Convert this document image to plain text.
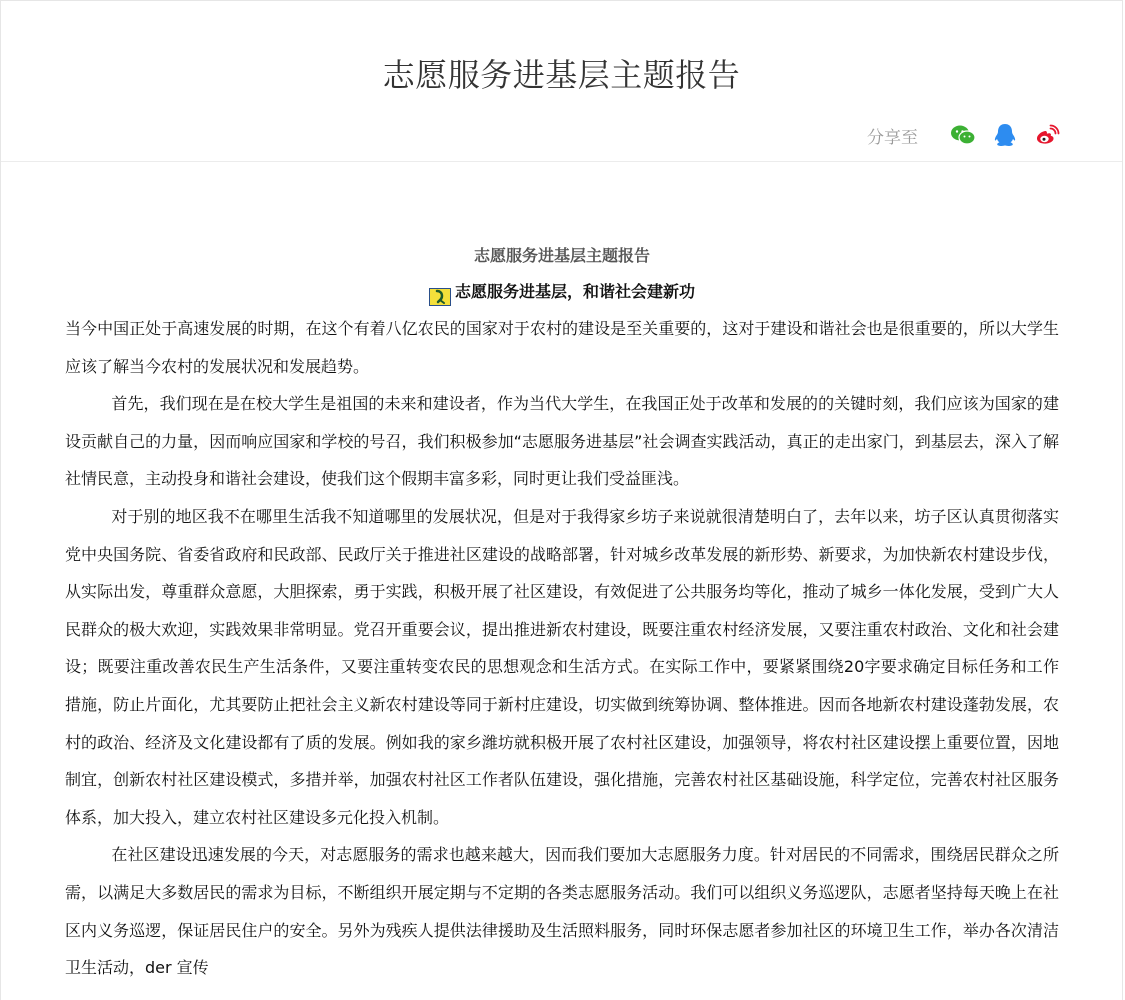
志愿服务进基层主题报告
分享至

志愿服务进基层主题报告

志愿服务进基层，和谐社会建新功

当今中国正处于高速发展的时期，在这个有着八亿农民的国家对于农村的建设是至关重要的，这对于建设和谐社会也是很重要的，所以大学生应该了解当今农村的发展状况和发展趋势。

首先，我们现在是在校大学生是祖国的未来和建设者，作为当代大学生，在我国正处于改革和发展的的关键时刻，我们应该为国家的建设贡献自己的力量，因而响应国家和学校的号召，我们积极参加“志愿服务进基层”社会调查实践活动，真正的走出家门，到基层去，深入了解社情民意，主动投身和谐社会建设，使我们这个假期丰富多彩，同时更让我们受益匪浅。

对于别的地区我不在哪里生活我不知道哪里的发展状况，但是对于我得家乡坊子来说就很清楚明白了，去年以来，坊子区认真贯彻落实党中央国务院、省委省政府和民政部、民政厅关于推进社区建设的战略部署，针对城乡改革发展的新形势、新要求，为加快新农村建设步伐，从实际出发，尊重群众意愿，大胆探索，勇于实践，积极开展了社区建设，有效促进了公共服务均等化，推动了城乡一体化发展，受到广大人民群众的极大欢迎，实践效果非常明显。党召开重要会议，提出推进新农村建设，既要注重农村经济发展，又要注重农村政治、文化和社会建设；既要注重改善农民生产生活条件，又要注重转变农民的思想观念和生活方式。在实际工作中，要紧紧围绕20字要求确定目标任务和工作措施，防止片面化，尤其要防止把社会主义新农村建设等同于新村庄建设，切实做到统筹协调、整体推进。因而各地新农村建设蓬勃发展，农村的政治、经济及文化建设都有了质的发展。例如我的家乡潍坊就积极开展了农村社区建设，加强领导，将农村社区建设摆上重要位置，因地制宜，创新农村社区建设模式，多措并举，加强农村社区工作者队伍建设，强化措施，完善农村社区基础设施，科学定位，完善农村社区服务体系，加大投入，建立农村社区建设多元化投入机制。

在社区建设迅速发展的今天，对志愿服务的需求也越来越大，因而我们要加大志愿服务力度。针对居民的不同需求，围绕居民群众之所需，以满足大多数居民的需求为目标，不断组织开展定期与不定期的各类志愿服务活动。我们可以组织义务巡逻队，志愿者坚持每天晚上在社区内义务巡逻，保证居民住户的安全。另外为残疾人提供法律援助及生活照料服务，同时环保志愿者参加社区的环境卫生工作，举办各次清洁卫生活动，der 宣传
